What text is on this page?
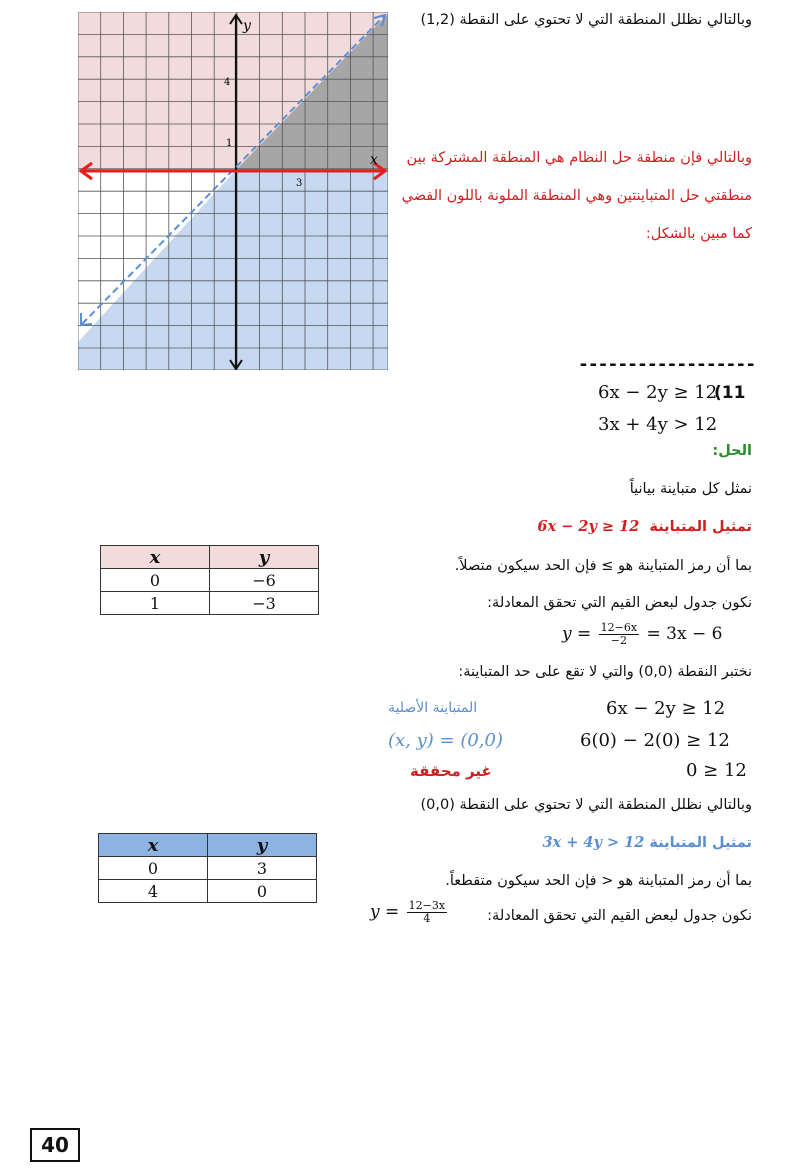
y
x
4
1
3
وبالتالي نظلل المنطقة التي لا تحتوي على النقطة (1,2)
وبالتالي فإن منطقة حل النظام هي المنطقة المشتركة بين
منطقتي حل المتباينتين وهي المنطقة الملونة باللون الفضي
كما مبين بالشكل:
------------------
6x − 2y ≥ 12
(11
3x + 4y > 12
الحل:
نمثل كل متباينة بيانياً
تمثيل المتباينة  6x − 2y ≥ 12
بما أن رمز المتباينة هو ≥ فإن الحد سيكون متصلاً.
نكون جدول لبعض القيم التي تحقق المعادلة:
$y = \frac{12-6x}{-2} = 3x - 6$
نختبر النقطة (0,0) والتي لا تقع على حد المتباينة:
المتباينة الأصلية	6x − 2y ≥ 12
(x, y) = (0,0)	6(0) − 2(0) ≥ 12
غير محققة	0 ≥ 12
وبالتالي نظلل المنطقة التي لا تحتوي على النقطة (0,0)
تمثيل المتباينة 3x + 4y > 12
بما أن رمز المتباينة هو < فإن الحد سيكون متقطعاً.
نكون جدول لبعض القيم التي تحقق المعادلة:
$y = \frac{12-3x}{4}$
x	y
0	−6
1	−3
x	y
0	3
4	0
40
